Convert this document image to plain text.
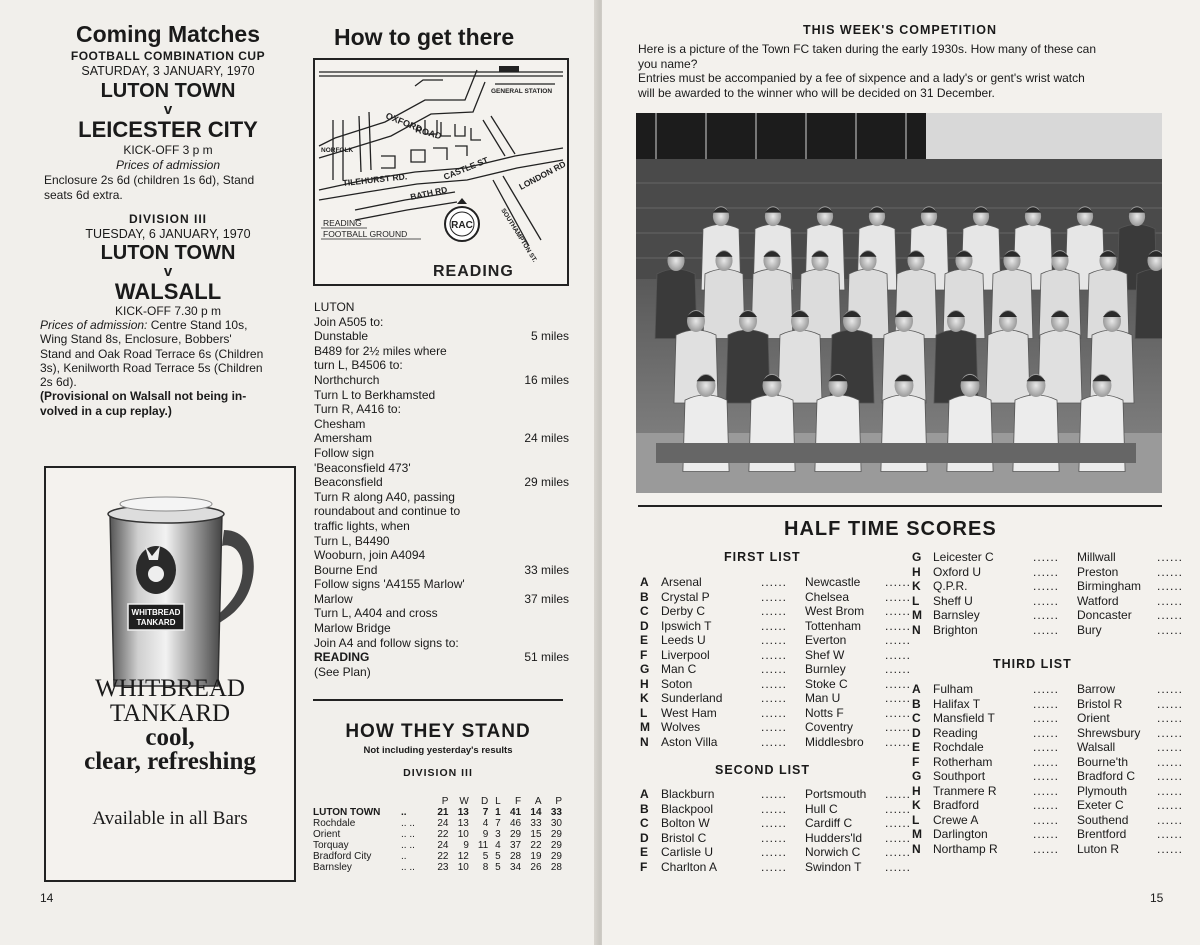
Coming Matches
FOOTBALL COMBINATION CUP
SATURDAY, 3 JANUARY, 1970
LUTON TOWN
v
LEICESTER CITY
KICK-OFF 3 p m
Prices of admission
Enclosure 2s 6d (children 1s 6d), Stand
seats 6d extra.
DIVISION III
TUESDAY, 6 JANUARY, 1970
LUTON TOWN
v
WALSALL
KICK-OFF 7.30 p m
Prices of admission: Centre Stand 10s,
Wing Stand 8s, Enclosure, Bobbers'
Stand and Oak Road Terrace 6s (Children
3s), Kenilworth Road Terrace 5s (Children
2s 6d).
(Provisional on Walsall not being in-
volved in a cup replay.)
WHITBREAD
TANKARD
WHITBREAD
TANKARD
cool,
clear, refreshing
Available in all Bars
How to get there
GENERAL STATION
OXFORD
ROAD
NORFOLK
TILEHURST RD.	CASTLE ST
BATH RD
LONDON RD
SOUTHAMPTON ST.
READING
FOOTBALL GROUND
RAC
READING
LUTON
Join A505 to:
Dunstable	5 miles
B489 for 2½ miles where
turn L, B4506 to:
Northchurch	16 miles
Turn L to Berkhamsted
Turn R, A416 to:
Chesham
Amersham	24 miles
Follow sign
'Beaconsfield 473'
Beaconsfield	29 miles
Turn R along A40, passing
roundabout and continue to
traffic lights, when
Turn L, B4490
Wooburn, join A4094
Bourne End	33 miles
Follow signs 'A4155 Marlow'
Marlow	37 miles
Turn L, A404 and cross
Marlow Bridge
Join A4 and follow signs to:
READING	51 miles
(See Plan)
HOW THEY STAND
Not including yesterday's results
DIVISION III
		P	W	D	L	F	A	P
LUTON TOWN	..	21	13	7	1	41	14	33
Rochdale	.. ..	24	13	4	7	46	33	30
Orient	.. ..	22	10	9	3	29	15	29
Torquay	.. ..	24	9	11	4	37	22	29
Bradford City	..	22	12	5	5	28	19	29
Barnsley	.. ..	23	10	8	5	34	26	28
14
THIS WEEK'S COMPETITION
Here is a picture of the Town FC taken during the early 1930s. How many of these can
you name?
Entries must be accompanied by a fee of sixpence and a lady's or gent's wrist watch
will be awarded to the winner who will be decided on 31 December.
HALF TIME SCORES
FIRST LIST
A	Arsenal	......	Newcastle	......
B	Crystal P	......	Chelsea	......
C	Derby C	......	West Brom	......
D	Ipswich T	......	Tottenham	......
E	Leeds U	......	Everton	......
F	Liverpool	......	Shef W	......
G Man C	......	Burnley	......
H	Soton	......	Stoke C	......
K	Sunderland	......	Man U	......
L	West Ham	......	Notts F	......
M Wolves	......	Coventry	......
N	Aston Villa	......	Middlesbro	......
SECOND LIST
A	Blackburn	......	Portsmouth	......
B	Blackpool	......	Hull C	......
C	Bolton W	......	Cardiff C	......
D	Bristol C	......	Hudders'ld	......
E	Carlisle U	......	Norwich C	......
F	Charlton A	......	Swindon T	......
G Leicester C	......	Millwall	......
H	Oxford U	......	Preston	......
K	Q.P.R.	......	Birmingham	......
L	Sheff U	......	Watford	......
M Barnsley	......	Doncaster	......
N	Brighton	......	Bury	......
THIRD LIST
A	Fulham	......	Barrow	......
B	Halifax T	......	Bristol R	......
C	Mansfield T	......	Orient	......
D	Reading	......	Shrewsbury	......
E	Rochdale	......	Walsall	......
F	Rotherham	......	Bourne'th	......
G Southport	......	Bradford C	......
H	Tranmere R	......	Plymouth	......
K	Bradford	......	Exeter C	......
L	Crewe A	......	Southend	......
M Darlington	......	Brentford	......
N	Northamp R	......	Luton R	......
15
